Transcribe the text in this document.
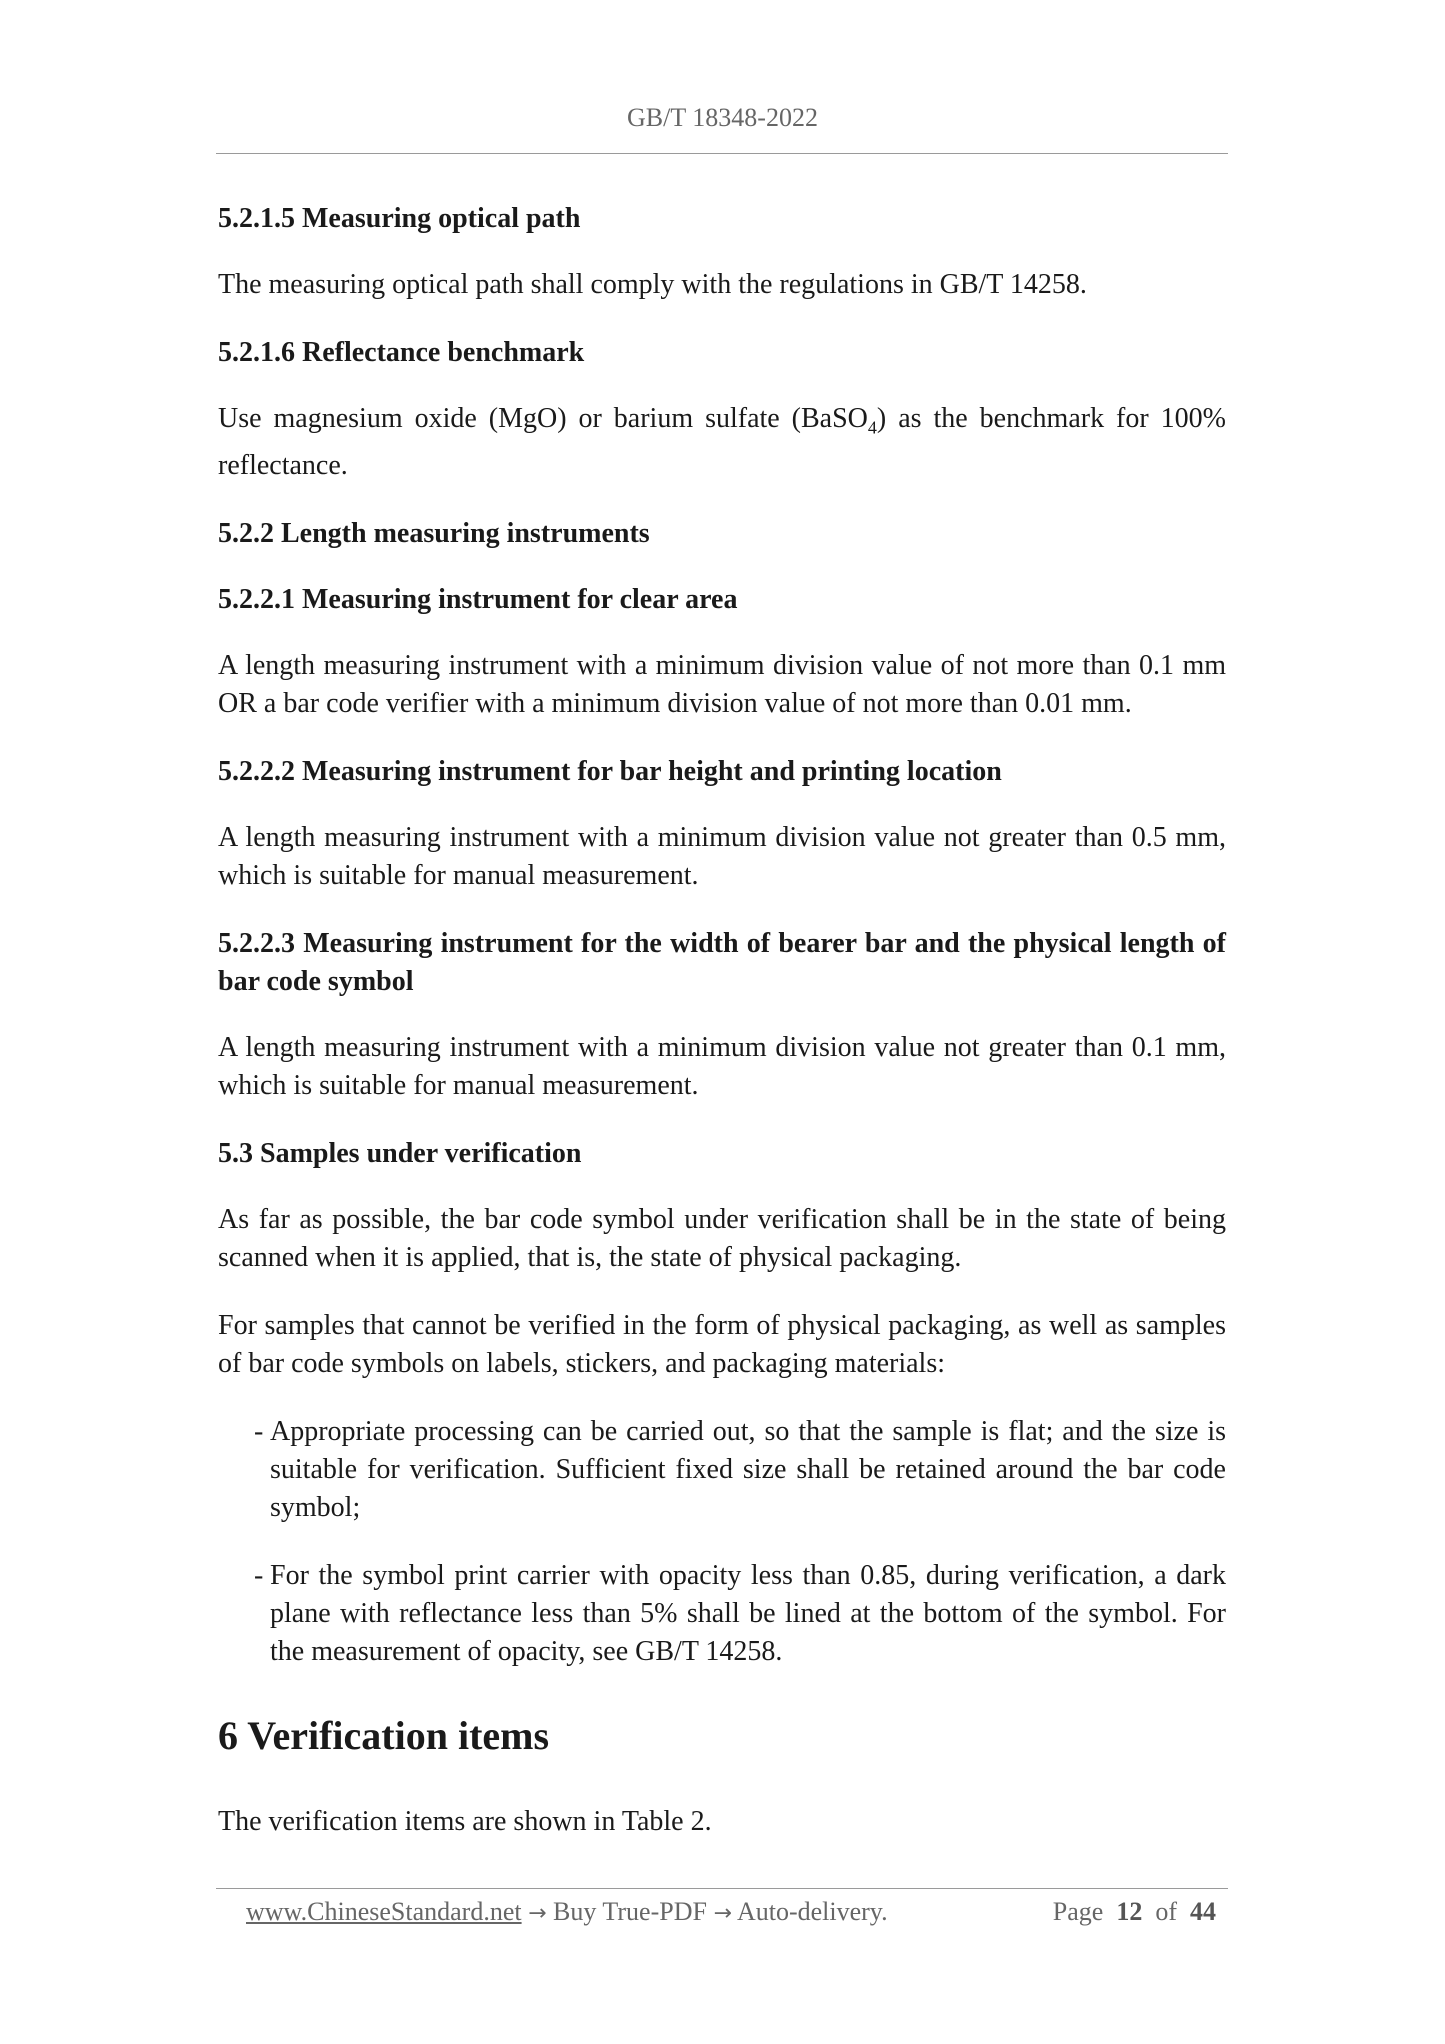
GB/T 18348-2022
5.2.1.5 Measuring optical path

The measuring optical path shall comply with the regulations in GB/T 14258.

5.2.1.6 Reflectance benchmark

Use magnesium oxide (MgO) or barium sulfate (BaSO$_4$) as the benchmark for 100% reflectance.

5.2.2 Length measuring instruments
5.2.2.1 Measuring instrument for clear area

A length measuring instrument with a minimum division value of not more than 0.1 mm OR a bar code verifier with a minimum division value of not more than 0.01 mm.

5.2.2.2 Measuring instrument for bar height and printing location

A length measuring instrument with a minimum division value not greater than 0.5 mm, which is suitable for manual measurement.

5.2.2.3 Measuring instrument for the width of bearer bar and the physical length of bar code symbol

A length measuring instrument with a minimum division value not greater than 0.1 mm, which is suitable for manual measurement.

5.3 Samples under verification

As far as possible, the bar code symbol under verification shall be in the state of being scanned when it is applied, that is, the state of physical packaging.

For samples that cannot be verified in the form of physical packaging, as well as samples of bar code symbols on labels, stickers, and packaging materials:

- Appropriate processing can be carried out, so that the sample is flat; and the size is suitable for verification. Sufficient fixed size shall be retained around the bar code symbol;
- For the symbol print carrier with opacity less than 0.85, during verification, a dark plane with reflectance less than 5% shall be lined at the bottom of the symbol. For the measurement of opacity, see GB/T 14258.
6 Verification items

The verification items are shown in Table 2.

www.ChineseStandard.net → Buy True-PDF → Auto-delivery.	Page 12 of 44
